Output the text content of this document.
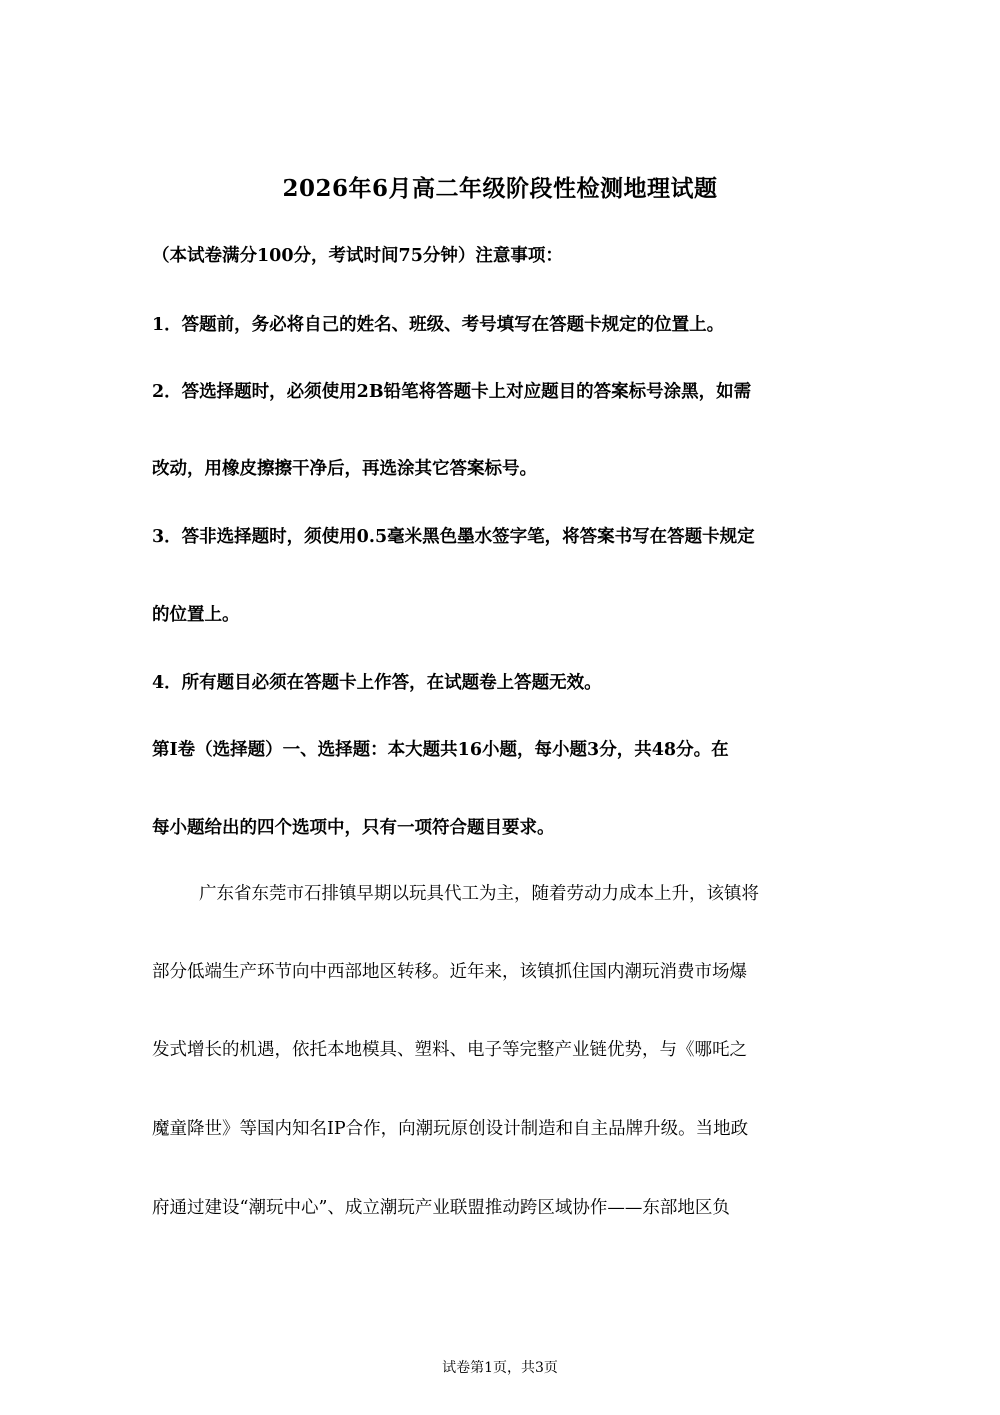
2026年6月高二年级阶段性检测地理试题
（本试卷满分100分，考试时间75分钟）注意事项：
1．答题前，务必将自己的姓名、班级、考号填写在答题卡规定的位置上。
2．答选择题时，必须使用2B铅笔将答题卡上对应题目的答案标号涂黑，如需
改动，用橡皮擦擦干净后，再选涂其它答案标号。
3．答非选择题时，须使用0.5毫米黑色墨水签字笔，将答案书写在答题卡规定
的位置上。
4．所有题目必须在答题卡上作答，在试题卷上答题无效。
第Ⅰ卷（选择题）一、选择题：本大题共16小题，每小题3分，共48分。在
每小题给出的四个选项中，只有一项符合题目要求。
广东省东莞市石排镇早期以玩具代工为主，随着劳动力成本上升，该镇将
部分低端生产环节向中西部地区转移。近年来，该镇抓住国内潮玩消费市场爆
发式增长的机遇，依托本地模具、塑料、电子等完整产业链优势，与《哪吒之
魔童降世》等国内知名IP合作，向潮玩原创设计制造和自主品牌升级。当地政
府通过建设“潮玩中心”、成立潮玩产业联盟推动跨区域协作——东部地区负
试卷第1页，共3页
